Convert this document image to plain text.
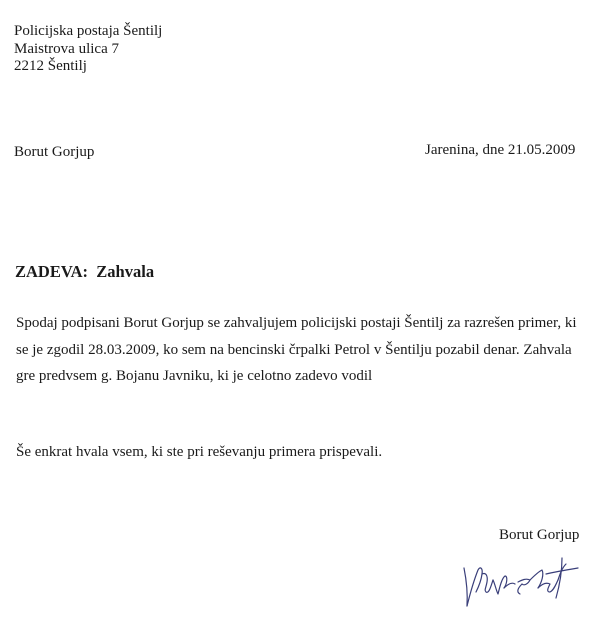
Policijska postaja Šentilj
Maistrova ulica 7
2212 Šentilj
Borut Gorjup	Jarenina, dne 21.05.2009
ZADEVA: Zahvala
Spodaj podpisani Borut Gorjup se zahvaljujem policijski postaji Šentilj za razrešen primer, ki
se je zgodil 28.03.2009, ko sem na bencinski črpalki Petrol v Šentilju pozabil denar. Zahvala
gre predvsem g. Bojanu Javniku, ki je celotno zadevo vodil
Še enkrat hvala vsem, ki ste pri reševanju primera prispevali.
Borut Gorjup
